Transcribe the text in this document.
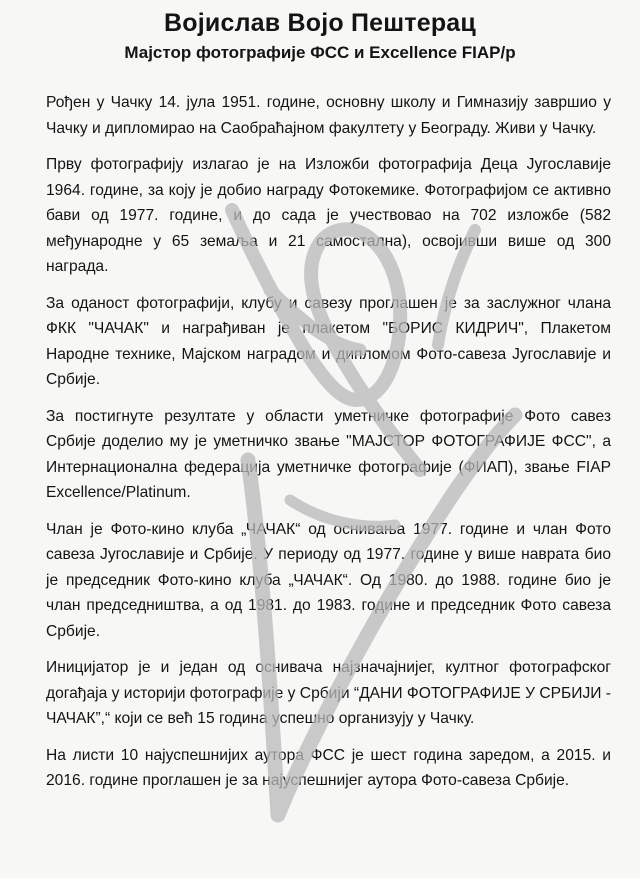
Војислав Војо Пештерац
Мајстор фотографије ФСС и Excellence FIAP/p

Рођен у Чачку 14. јула 1951. године, основну школу и Гимназију завршио у Чачку и дипломирао на Саобраћајном факултету у Београду. Живи у Чачку.

Прву фотографију излагао је на Изложби фотографија Деца Југославије 1964. године, за коју је добио награду Фотокемике. Фотографијом се активно бави од 1977. године, и до сада је учествовао на 702 изложбе (582 међународне у 65 земаља и 21 самостална), освојивши више од 300 награда.

За оданост фотографији, клубу и савезу проглашен је за заслужног члана ФКК "ЧАЧАК" и награђиван је плакетом "БОРИС КИДРИЧ", Плакетом Народне технике, Мајском наградом и дипломом Фото-савеза Југославије и Србије.

За постигнуте резултате у области уметничке фотографије Фото савез Србије доделио му је уметничко звање "МАЈСТОР ФОТОГРАФИЈЕ ФСС", а Интернационална федерација уметничке фотографије (ФИАП), звање FIAP Excellence/Platinum.

Члан је Фото-кино клуба „ЧАЧАК“ од оснивања 1977. године и члан Фото савеза Југославије и Србије. У периоду од 1977. године у више наврата био је председник Фото-кино клуба „ЧАЧАК“. Од 1980. до 1988. године био је члан председништва, а од 1981. до 1983. године и председник Фото савеза Србије.

Иницијатор је и један од оснивача најзначајнијег, култног фотографског догађаја у историји фотографије у Србији “ДАНИ ФОТОГРАФИЈЕ У СРБИЈИ - ЧАЧАК”,“ који се већ 15 година успешно организују у Чачку.

На листи 10 најуспешнијих аутора ФСС је шест година заредом, а 2015. и 2016. године проглашен је за најуспешнијег аутора Фото-савеза Србије.
